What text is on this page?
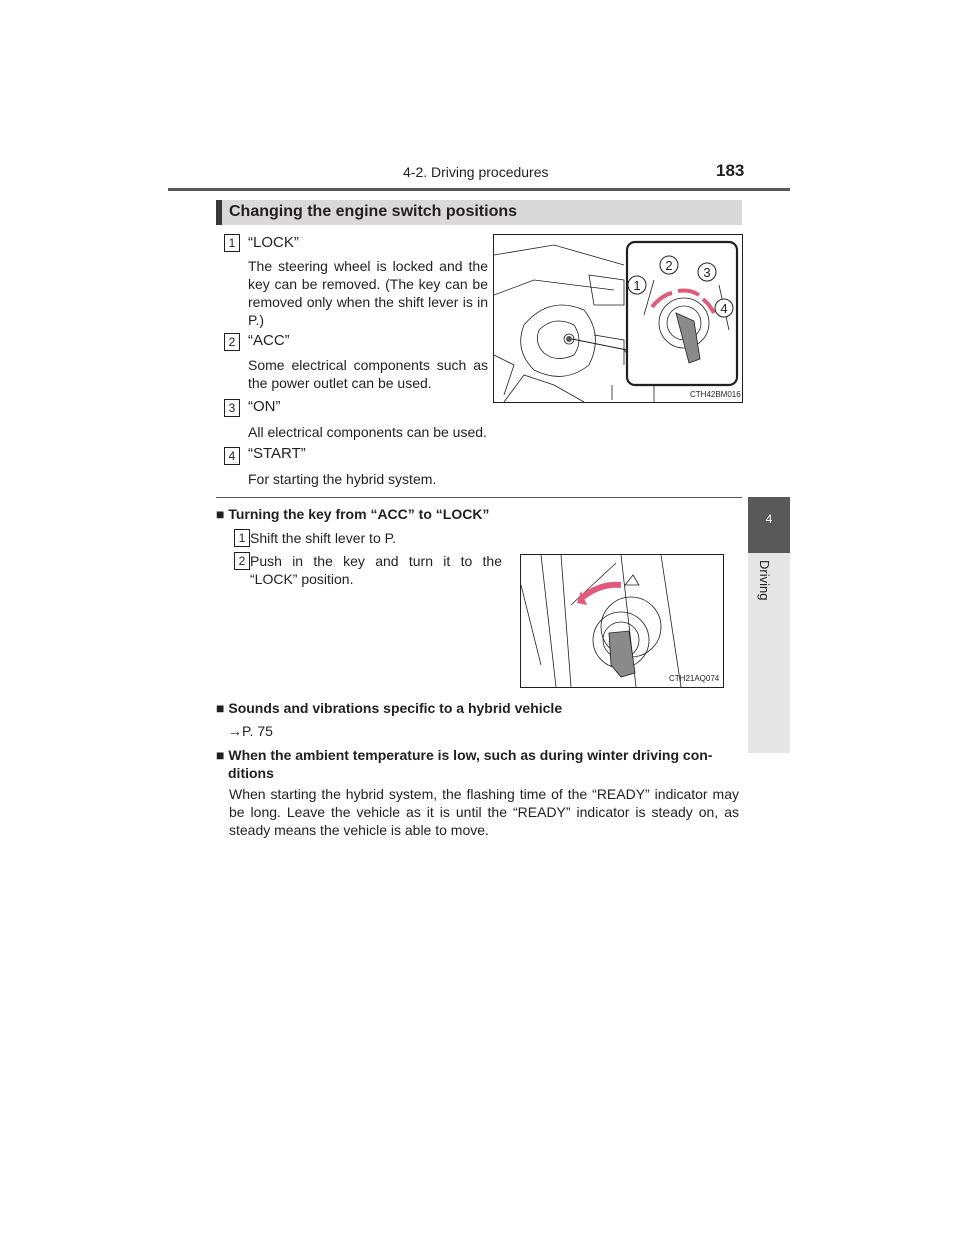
4-2. Driving procedures	183
4
Driving
Changing the engine switch positions
1 “LOCK”
The steering wheel is locked and the key can be removed. (The key can be removed only when the shift lever is in P.)
2 “ACC”
Some electrical components such as the power outlet can be used.
3 “ON”
All electrical components can be used.
4 “START”
For starting the hybrid system.
1
2 3
4
CTH42BM016
■ Turning the key from “ACC” to “LOCK”
1 Shift the shift lever to P.
2 Push in the key and turn it to the “LOCK” position.
CTH21AQ074
■ Sounds and vibrations specific to a hybrid vehicle
→P. 75
■ When the ambient temperature is low, such as during winter driving con- ditions
When starting the hybrid system, the flashing time of the “READY” indicator may be long. Leave the vehicle as it is until the “READY” indicator is steady on, as steady means the vehicle is able to move.
